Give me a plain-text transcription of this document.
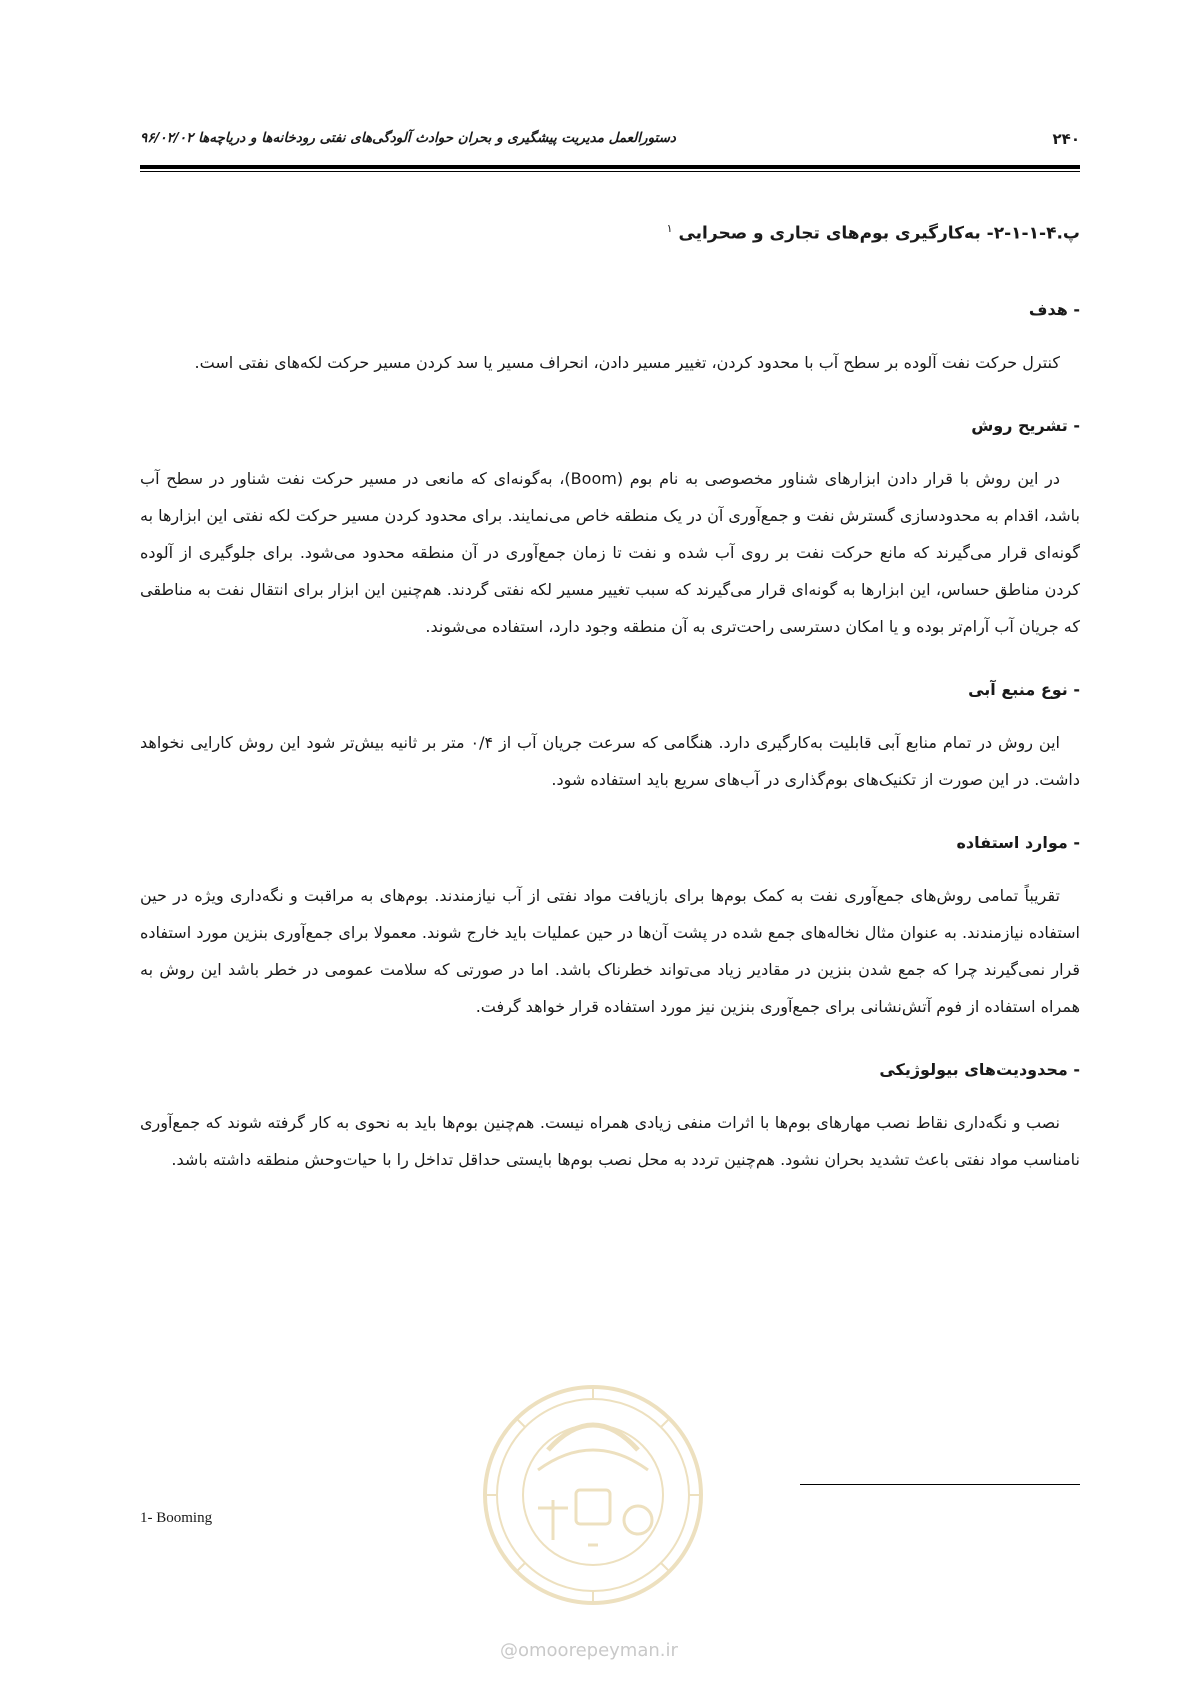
۲۴۰
دستورالعمل مدیریت پیشگیری و بحران حوادث آلودگی‌های نفتی رودخانه‌ها و دریاچه‌ها ۹۶/۰۲/۰۲
پ.۴-۱-۱-۲- به‌کارگیری بوم‌های تجاری و صحرایی $^۱$
- هدف

کنترل حرکت نفت آلوده بر سطح آب با محدود کردن، تغییر مسیر دادن، انحراف مسیر یا سد کردن مسیر حرکت لکه‌های نفتی است.

- تشریح روش

در این روش با قرار دادن ابزارهای شناور مخصوصی به نام بوم (Boom)، به‌گونه‌ای که مانعی در مسیر حرکت نفت شناور در سطح آب باشد، اقدام به محدودسازی گسترش نفت و جمع‌آوری آن در یک منطقه خاص می‌نمایند. برای محدود کردن مسیر حرکت لکه نفتی این ابزارها به گونه‌ای قرار می‌گیرند که مانع حرکت نفت بر روی آب شده و نفت تا زمان جمع‌آوری در آن منطقه محدود می‌شود. برای جلوگیری از آلوده کردن مناطق حساس، این ابزارها به گونه‌ای قرار می‌گیرند که سبب تغییر مسیر لکه نفتی گردند. هم‌چنین این ابزار برای انتقال نفت به مناطقی که جریان آب آرام‌تر بوده و یا امکان دسترسی راحت‌تری به آن منطقه وجود دارد، استفاده می‌شوند.

- نوع منبع آبی

این روش در تمام منابع آبی قابلیت به‌کارگیری دارد. هنگامی که سرعت جریان آب از ۰/۴ متر بر ثانیه بیش‌تر شود این روش کارایی نخواهد داشت. در این صورت از تکنیک‌های بوم‌گذاری در آب‌های سریع باید استفاده شود.

- موارد استفاده

تقریباً تمامی روش‌های جمع‌آوری نفت به کمک بوم‌ها برای بازیافت مواد نفتی از آب نیازمندند. بوم‌های به مراقبت و نگه‌داری ویژه در حین استفاده نیازمندند. به عنوان مثال نخاله‌های جمع شده در پشت آن‌ها در حین عملیات باید خارج شوند. معمولا برای جمع‌آوری بنزین مورد استفاده قرار نمی‌گیرند چرا که جمع شدن بنزین در مقادیر زیاد می‌تواند خطرناک باشد. اما در صورتی که سلامت عمومی در خطر باشد این روش به همراه استفاده از فوم آتش‌نشانی برای جمع‌آوری بنزین نیز مورد استفاده قرار خواهد گرفت.

- محدودیت‌های بیولوژیکی

نصب و نگه‌داری نقاط نصب مهارهای بوم‌ها با اثرات منفی زیادی همراه نیست. هم‌چنین بوم‌ها باید به نحوی به کار گرفته شوند که جمع‌آوری نامناسب مواد نفتی باعث تشدید بحران نشود. هم‌چنین تردد به محل نصب بوم‌ها بایستی حداقل تداخل را با حیات‌وحش منطقه داشته باشد.

1- Booming
@omoorepeyman.ir
